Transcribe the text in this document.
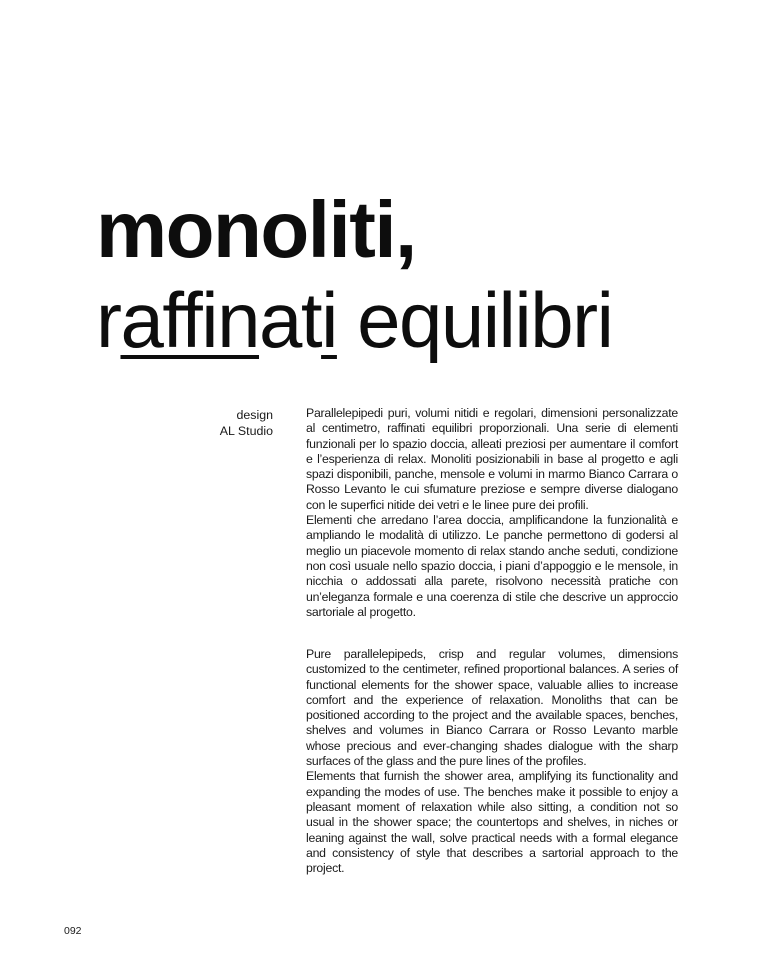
monoliti,
raffinati equilibri
design
AL Studio

Parallelepipedi puri, volumi nitidi e regolari, dimensioni personalizzate al centimetro, raffinati equilibri proporzionali. Una serie di elementi funzionali per lo spazio doccia, alleati preziosi per aumentare il comfort e l’esperienza di relax. Monoliti posizionabili in base al progetto e agli spazi disponibili, panche, mensole e volumi in marmo Bianco Carrara o Rosso Levanto le cui sfumature preziose e sempre diverse dialogano con le superfici nitide dei vetri e le linee pure dei profili.

Elementi che arredano l’area doccia, amplificandone la funzionalità e ampliando le modalità di utilizzo. Le panche permettono di godersi al meglio un piacevole momento di relax stando anche seduti, condizione non così usuale nello spazio doccia, i piani d’appoggio e le mensole, in nicchia o addossati alla parete, risolvono necessità pratiche con un’eleganza formale e una coerenza di stile che descrive un approccio sartoriale al progetto.

Pure parallelepipeds, crisp and regular volumes, dimensions customized to the centimeter, refined proportional balances. A series of functional elements for the shower space, valuable allies to increase comfort and the experience of relaxation. Monoliths that can be positioned according to the project and the available spaces, benches, shelves and volumes in Bianco Carrara or Rosso Levanto marble whose precious and ever-changing shades dialogue with the sharp surfaces of the glass and the pure lines of the profiles.

Elements that furnish the shower area, amplifying its functionality and expanding the modes of use. The benches make it possible to enjoy a pleasant moment of relaxation while also sitting, a condition not so usual in the shower space; the countertops and shelves, in niches or leaning against the wall, solve practical needs with a formal elegance and consistency of style that describes a sartorial approach to the project.

092
